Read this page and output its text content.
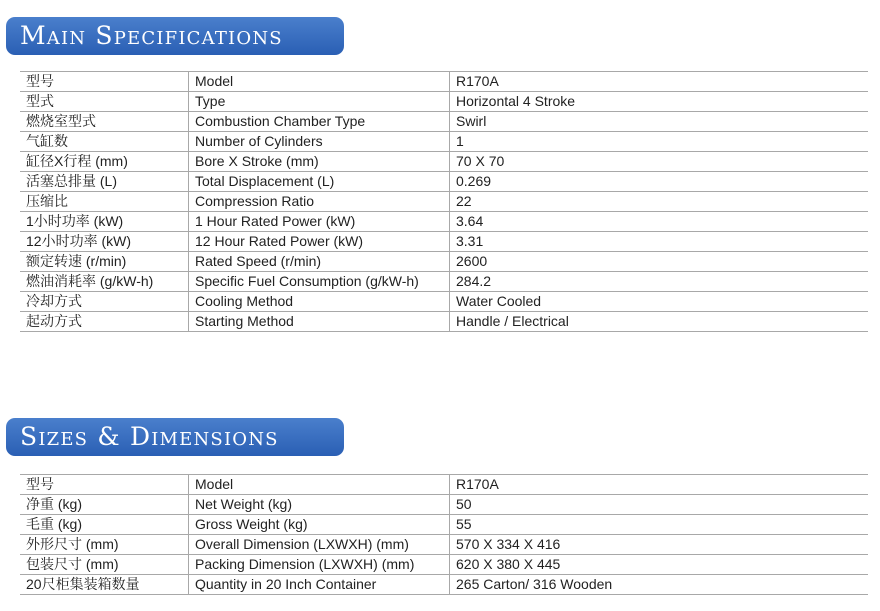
Main Specifications
型号	Model	R170A
型式	Type	Horizontal 4 Stroke
燃烧室型式	Combustion Chamber Type	Swirl
气缸数	Number of Cylinders	1
缸径X行程 (mm)	Bore X Stroke (mm)	70 X 70
活塞总排量 (L)	Total Displacement (L)	0.269
压缩比	Compression Ratio	22
1小时功率 (kW)	1 Hour Rated Power (kW)	3.64
12小时功率 (kW)	12 Hour Rated Power (kW)	3.31
额定转速 (r/min)	Rated Speed (r/min)	2600
燃油消耗率 (g/kW-h)	Specific Fuel Consumption (g/kW-h)	284.2
冷却方式	Cooling Method	Water Cooled
起动方式	Starting Method	Handle / Electrical
Sizes & Dimensions
型号	Model	R170A
净重 (kg)	Net Weight (kg)	50
毛重 (kg)	Gross Weight (kg)	55
外形尺寸 (mm)	Overall Dimension (LXWXH) (mm)	570 X 334 X 416
包装尺寸 (mm)	Packing Dimension (LXWXH) (mm)	620 X 380 X 445
20尺柜集装箱数量	Quantity in 20 Inch Container	265 Carton/ 316 Wooden
